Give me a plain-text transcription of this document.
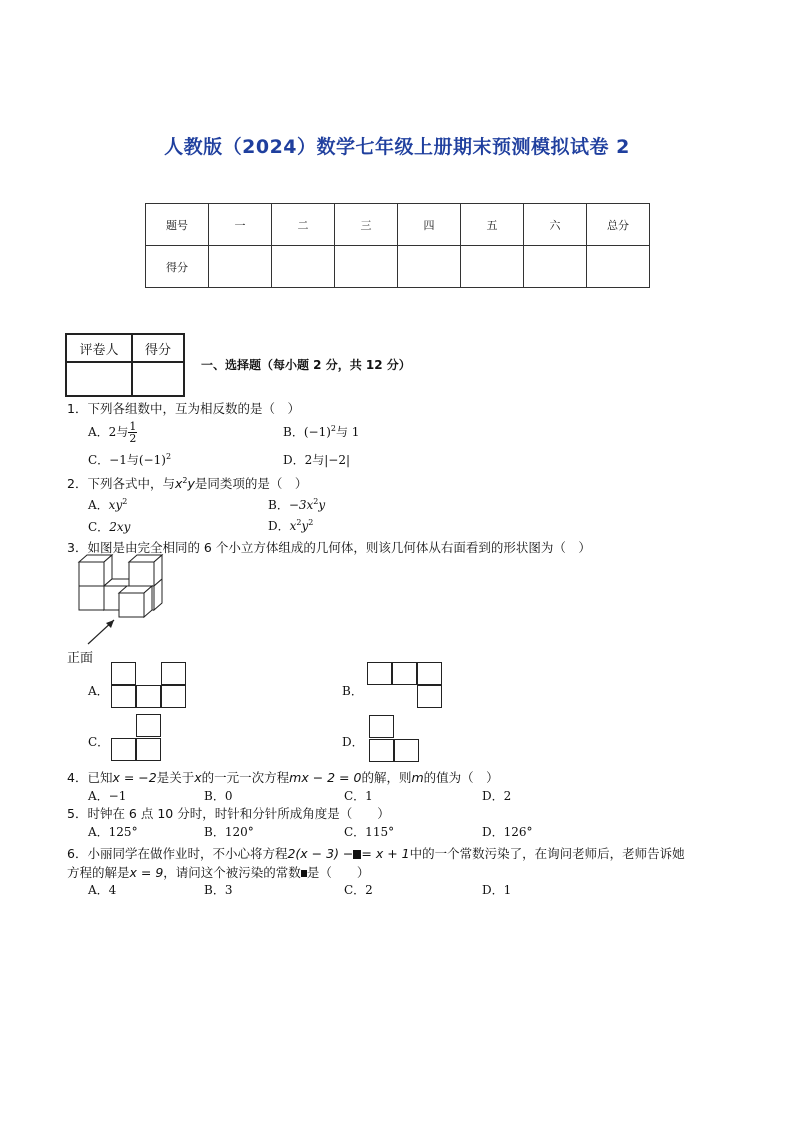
人教版（2024）数学七年级上册期末预测模拟试卷 2
题号	一	二	三	四	五	六	总分
得分							
评卷人	得分

一、选择题（每小题 2 分，共 12 分）
1．下列各组数中，互为相反数的是（　）
A．2与 $\frac{1}{2}$	B．$(-1)^2$与 1
C．−1与$(-1)^2$	D．2与|−2|
2．下列各式中，与$x^2y$是同类项的是（　）
A．$xy^2$	B．$-3x^2y$
C．2xy	D．$x^2y^2$
3．如图是由完全相同的 6 个小立方体组成的几何体，则该几何体从右面看到的形状图为（　）
正面
A．	B．
C．	D．
4．已知x = −2是关于x的一元一次方程mx − 2 = 0的解，则m的值为（　）
A．−1	B．0	C．1	D．2
5．时钟在 6 点 10 分时，时针和分针所成角度是（　　）
A．125°	B．120°	C．115°	D．126°
6．小丽同学在做作业时，不小心将方程2(x − 3) − = x + 1中的一个常数污染了，在询问老师后，老师告诉她
方程的解是x = 9，请问这个被污染的常数 是（　　）
A．4	B．3	C．2	D．1
